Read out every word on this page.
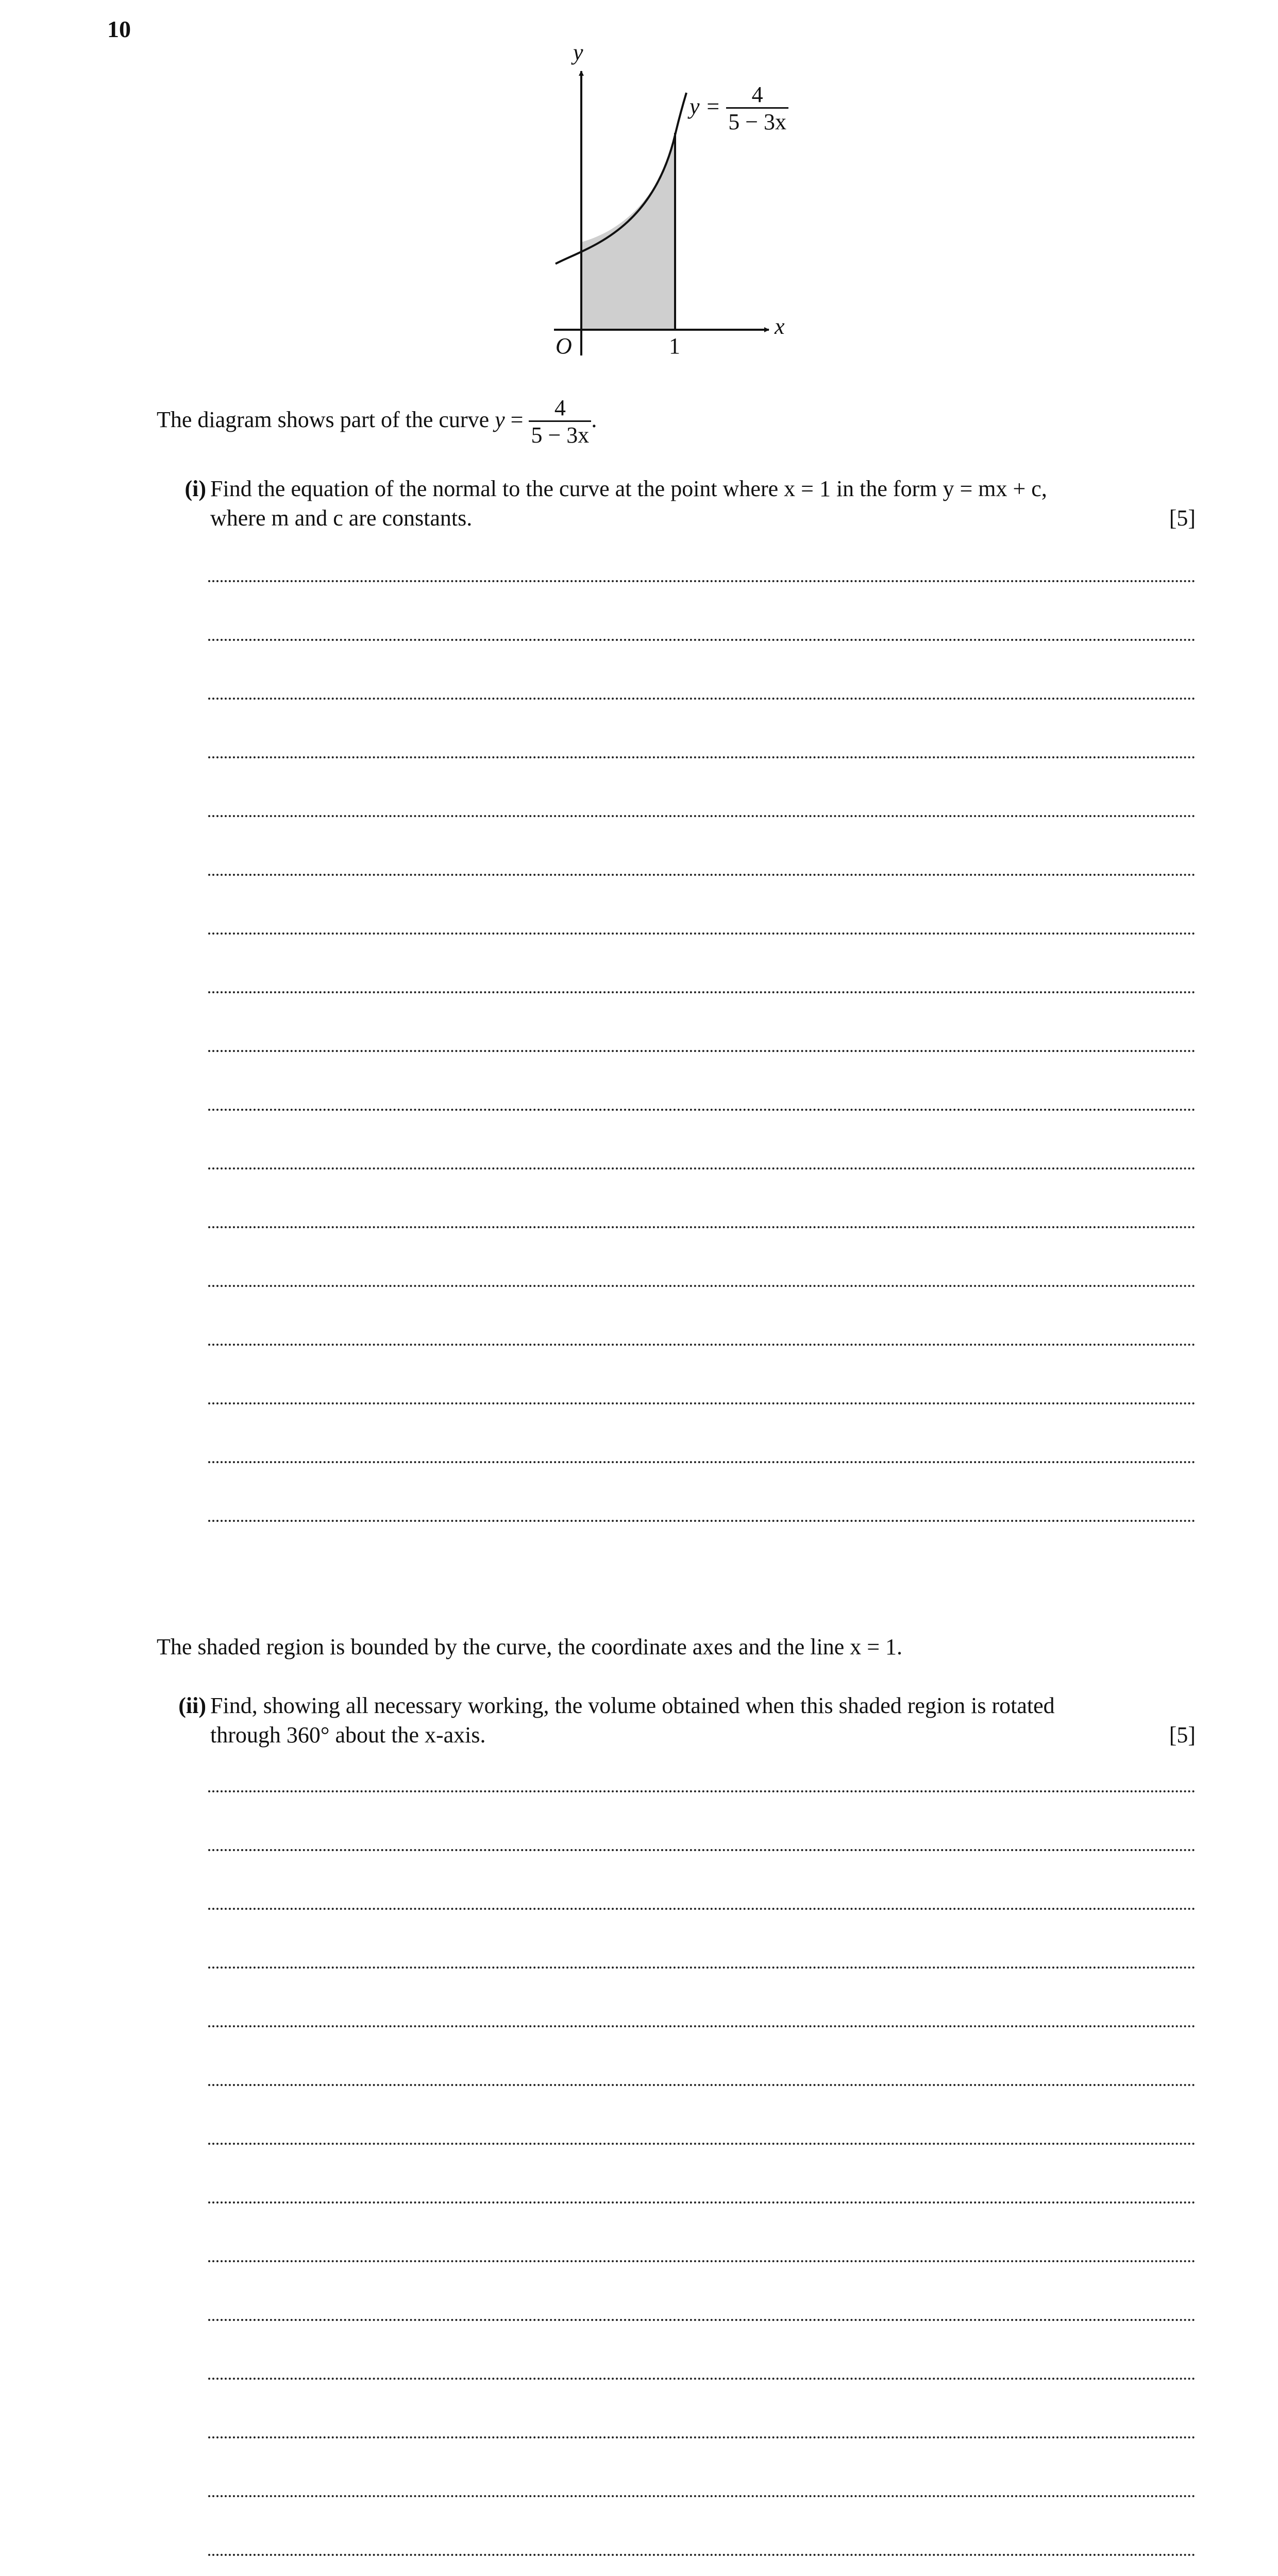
10
y
x
O	1
$y = \frac{4}{5 - 3x}$
The diagram shows part of the curve $y = \frac{4}{5 - 3x}$ .
(i) Find the equation of the normal to the curve at the point where x = 1 in the form y = mx + c,
where m and c are constants.	[5]
The shaded region is bounded by the curve, the coordinate axes and the line x = 1.
(ii) Find, showing all necessary working, the volume obtained when this shaded region is rotated
through 360° about the x-axis.	[5]
